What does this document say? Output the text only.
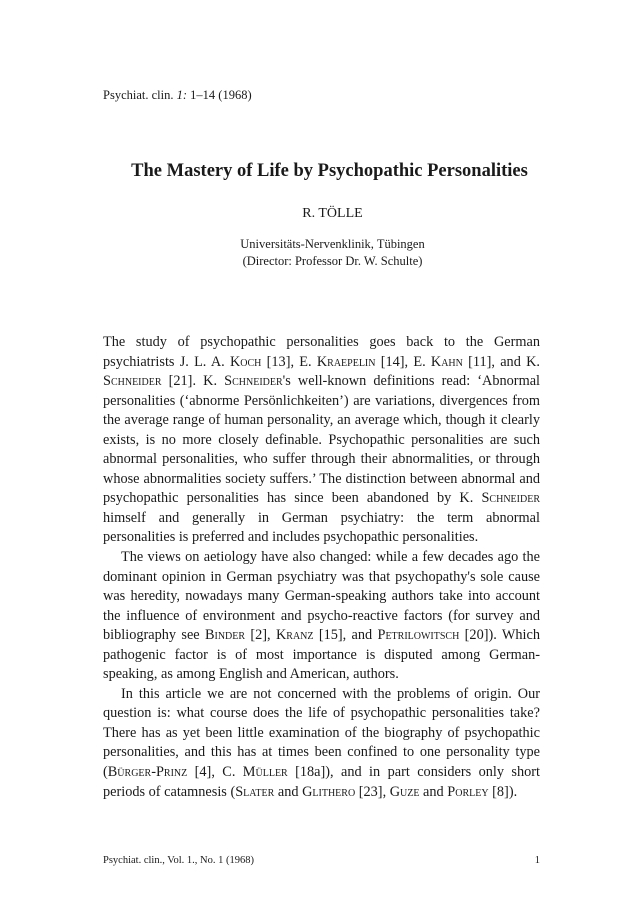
Psychiat. clin. 1: 1–14 (1968)
The Mastery of Life by Psychopathic Personalities
R. TÖLLE
Universitäts-Nervenklinik, Tübingen
(Director: Professor Dr. W. Schulte)

The study of psychopathic personalities goes back to the German psychiatrists J. L. A. Koch [13], E. Kraepelin [14], E. Kahn [11], and K. Schneider [21]. K. Schneider's well-known definitions read: ‘Abnormal personalities (‘abnorme Persönlichkeiten’) are variations, divergences from the average range of human personality, an average which, though it clearly exists, is no more closely definable. Psychopathic personalities are such abnormal personalities, who suffer through their abnormalities, or through whose abnormalities society suffers.’ The distinction between abnormal and psychopathic personalities has since been abandoned by K. Schneider himself and generally in German psychiatry: the term abnormal personalities is preferred and includes psychopathic personalities.

The views on aetiology have also changed: while a few decades ago the dominant opinion in German psychiatry was that psychopathy's sole cause was heredity, nowadays many German-speaking authors take into account the influence of environment and psycho-reactive factors (for survey and bibliography see Binder [2], Kranz [15], and Petrilowitsch [20]). Which pathogenic factor is of most importance is disputed among German-speaking, as among English and American, authors.

In this article we are not concerned with the problems of origin. Our question is: what course does the life of psychopathic personalities take? There has as yet been little examination of the biography of psychopathic personalities, and this has at times been confined to one personality type (Bürger-Prinz [4], C. Müller [18a]), and in part considers only short periods of catamnesis (Slater and Glithero [23], Guze and Porley [8]).

Psychiat. clin., Vol. 1., No. 1 (1968)	1
